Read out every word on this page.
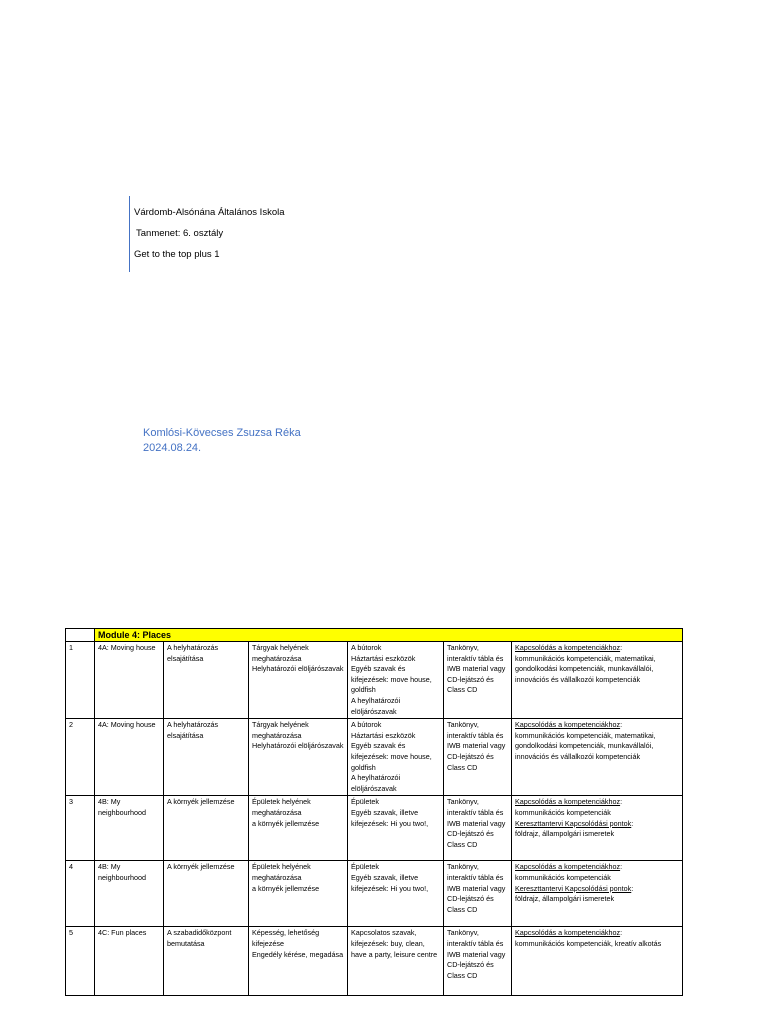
Várdomb-Alsónána Általános Iskola
Tanmenet: 6. osztály
Get to the top plus 1
Komlósi-Kövecses Zsuzsa Réka
2024.08.24.
	Module 4: Places					
1	4A: Moving house	A helyhatározás elsajátítása	Tárgyak helyének meghatározása
Helyhatározói elöljárószavak	A bútorok
Háztartási eszközök
Egyéb szavak és kifejezések: move house, goldfish
A heylhatározói elöljárószavak	Tankönyv, interaktív tábla és IWB material vagy CD-lejátszó és Class CD	Kapcsolódás a kompetenciákhoz:
kommunikációs kompetenciák, matematikai, gondolkodási kompetenciák, munkavállalói, innovációs és vállalkozói kompetenciák

2	4A: Moving house	A helyhatározás elsajátítása	Tárgyak helyének meghatározása
Helyhatározói elöljárószavak	A bútorok
Háztartási eszközök
Egyéb szavak és kifejezések: move house, goldfish
A heylhatározói elöljárószavak	Tankönyv, interaktív tábla és IWB material vagy CD-lejátszó és Class CD	Kapcsolódás a kompetenciákhoz:
kommunikációs kompetenciák, matematikai, gondolkodási kompetenciák, munkavállalói, innovációs és vállalkozói kompetenciák

3	4B: My neighbourhood	A környék jellemzése	Épületek helyének meghatározása
a környék jellemzése	Épületek
Egyéb szavak, illetve kifejezések: Hi you two!,	Tankönyv, interaktív tábla és IWB material vagy CD-lejátszó és Class CD	Kapcsolódás a kompetenciákhoz:
kommunikációs kompetenciák
Kereszttantervi Kapcsolódási pontok:
földrajz, állampolgári ismeretek

4	4B: My neighbourhood	A környék jellemzése	Épületek helyének meghatározása
a környék jellemzése	Épületek
Egyéb szavak, illetve kifejezések: Hi you two!,	Tankönyv, interaktív tábla és IWB material vagy CD-lejátszó és Class CD	Kapcsolódás a kompetenciákhoz:
kommunikációs kompetenciák
Kereszttantervi Kapcsolódási pontok:
földrajz, állampolgári ismeretek

5	4C: Fun places	A szabadidőközpont bemutatása	Képesség, lehetőség kifejezése
Engedély kérése, megadása	Kapcsolatos szavak, kifejezések: buy, clean, have a party, leisure centre	Tankönyv, interaktív tábla és IWB material vagy CD-lejátszó és Class CD	Kapcsolódás a kompetenciákhoz:
kommunikációs kompetenciák, kreatív alkotás
